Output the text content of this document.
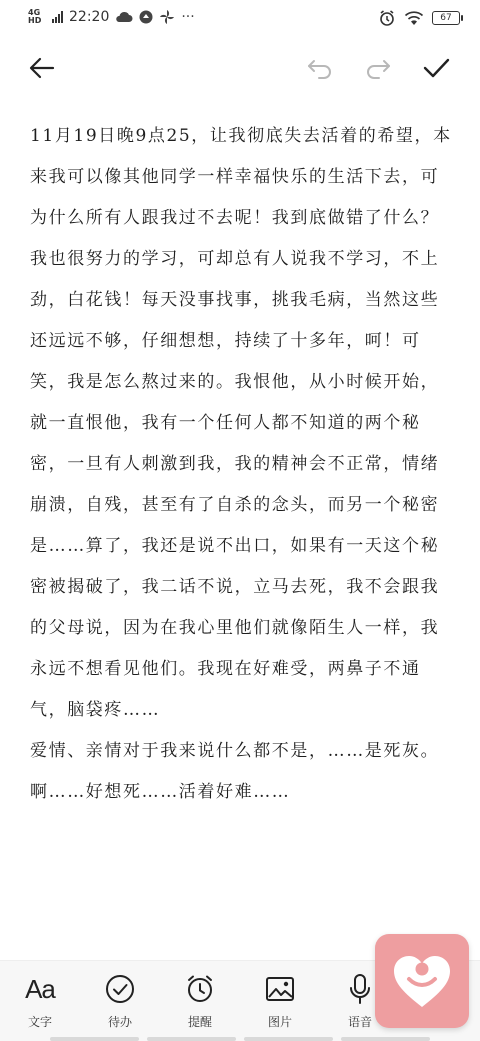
4G HD	22:20	···	67

11月19日晚9点25，让我彻底失去活着的希望，本来我可以像其他同学一样幸福快乐的生活下去，可为什么所有人跟我过不去呢！我到底做错了什么？我也很努力的学习，可却总有人说我不学习，不上劲，白花钱！每天没事找事，挑我毛病，当然这些还远远不够，仔细想想，持续了十多年，呵！可笑，我是怎么熬过来的。我恨他，从小时候开始，就一直恨他，我有一个任何人都不知道的两个秘密，一旦有人刺激到我，我的精神会不正常，情绪崩溃，自残，甚至有了自杀的念头，而另一个秘密是……算了，我还是说不出口，如果有一天这个秘密被揭破了，我二话不说，立马去死，我不会跟我的父母说，因为在我心里他们就像陌生人一样，我永远不想看见他们。我现在好难受，两鼻子不通气，脑袋疼……

爱情、亲情对于我来说什么都不是，……是死灰。

啊……好想死……活着好难……

Aa
文字	待办	提醒	图片	语音
